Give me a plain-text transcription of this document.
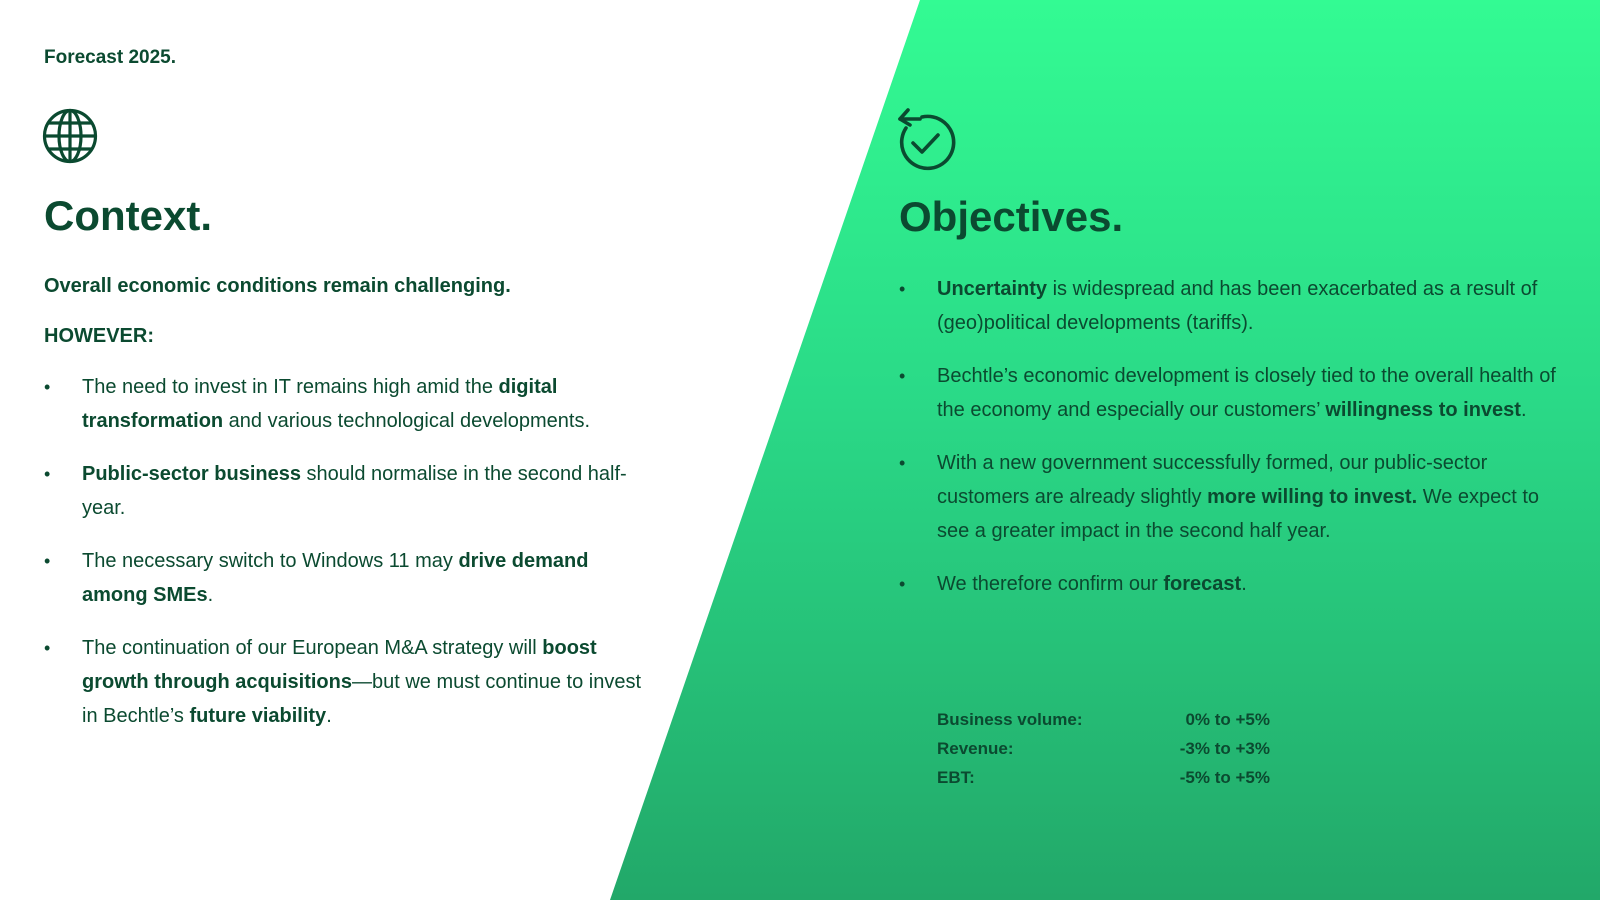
Forecast 2025.

Context.

Overall economic conditions remain challenging.

HOWEVER:

• The need to invest in IT remains high amid the digital transformation and various technological developments.
• Public-sector business should normalise in the second half-year.
• The necessary switch to Windows 11 may drive demand among SMEs.
• The continuation of our European M&A strategy will boost growth through acquisitions—but we must continue to invest in Bechtle’s future viability.
Objectives.
• Uncertainty is widespread and has been exacerbated as a result of (geo)political developments (tariffs).
• Bechtle’s economic development is closely tied to the overall health of the economy and especially our customers’ willingness to invest.
• With a new government successfully formed, our public-sector customers are already slightly more willing to invest. We expect to see a greater impact in the second half year.
• We therefore confirm our forecast.
Business volume:	0% to +5%
Revenue:	-3% to +3%
EBT:	-5% to +5%
